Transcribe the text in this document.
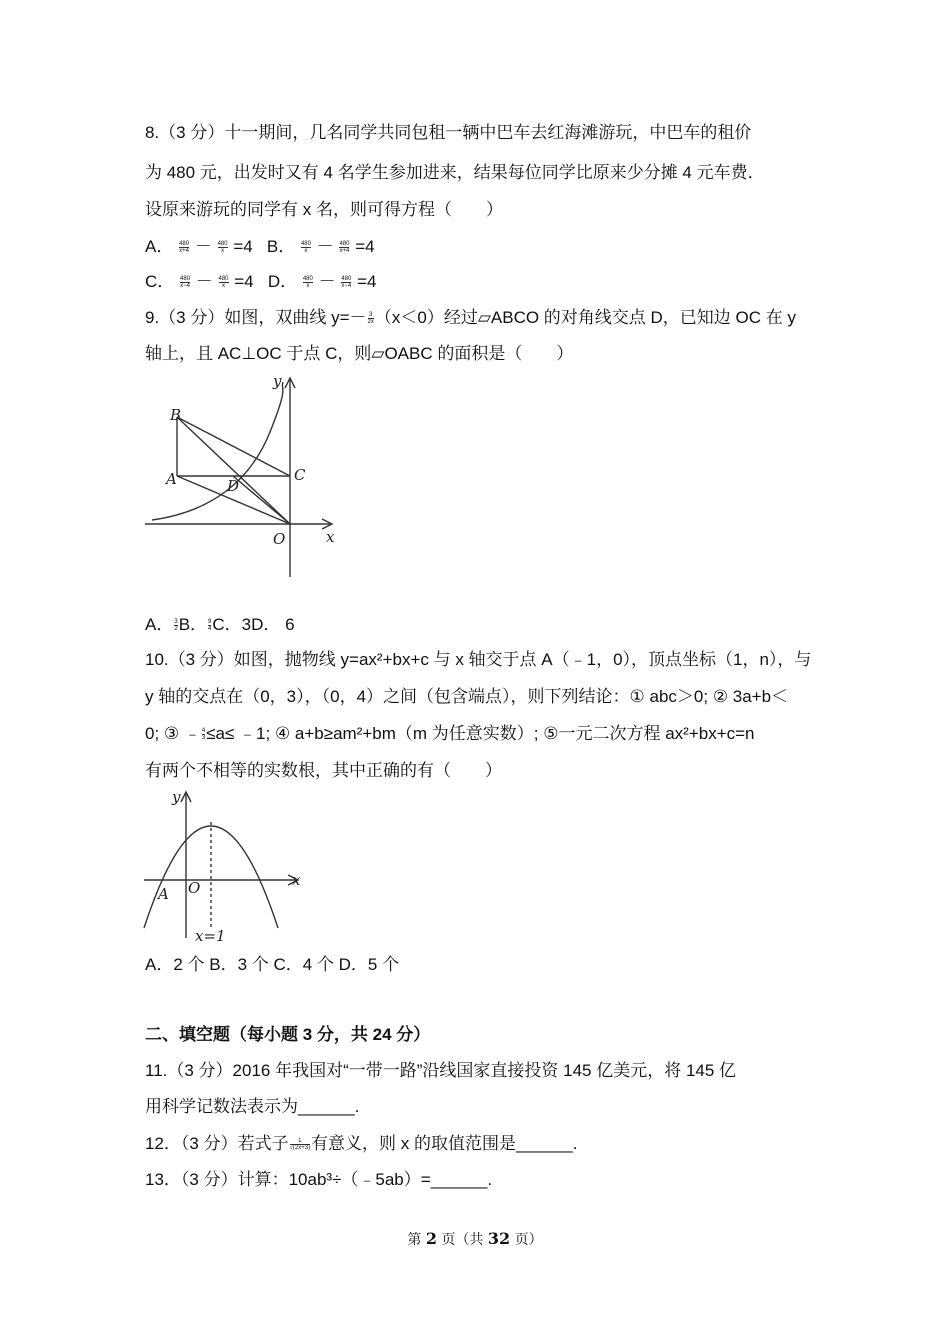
8.（3 分）十一期间，几名同学共同包租一辆中巴车去红海滩游玩，中巴车的租价
为 480 元，出发时又有 4 名学生参加进来，结果每位同学比原来少分摊 4 元车费．
设原来游玩的同学有 x 名，则可得方程（　　）
A． $\frac{480}{x+4} - \frac{480}{x} =4$ B． $\frac{480}{x} - \frac{480}{x+4} =4$
C． $\frac{480}{x-4} - \frac{480}{x} =4$ D． $\frac{480}{x} - \frac{480}{x-4} =4$
9.（3 分）如图，双曲线 $y=- \frac{3}{2x} (x<0)$经过▱ABCO 的对角线交点 D，已知边 OC 在 y
轴上，且 AC⊥OC 于点 C，则▱OABC 的面积是（　　）
y
x
B
A	C
D
O
A． $\frac{3}{2}$ B． $\frac{9}{4}$ C．3D． 6
10.（3 分）如图，抛物线 y=ax²+bx+c 与 x 轴交于点 A（﹣1，0），顶点坐标（1，n），与
y 轴的交点在（0，3），（0，4）之间（包含端点），则下列结论：① abc＞0; ② 3a+b＜
0; ③ ﹣ $\frac{4}{3} \le a\le$ ﹣1; ④ a+b≥am²+bm（m 为任意实数）; ⑤一元二次方程 ax²+bx+c=n
有两个不相等的实数根，其中正确的有（　　）
y
x
A O
x=1
A．2 个 B．3 个 C．4 个 D．5 个
二、填空题（每小题 3 分，共 24 分）
11.（3 分）2016 年我国对“一带一路”沿线国家直接投资 145 亿美元，将 145 亿
用科学记数法表示为______.
12．（3 分）若式子 $\frac{1}{√(2x+3)}$ 有意义，则 x 的取值范围是______.
13．（3 分）计算：10ab³÷（﹣5ab）=______.
第 2 页（共 32 页）
